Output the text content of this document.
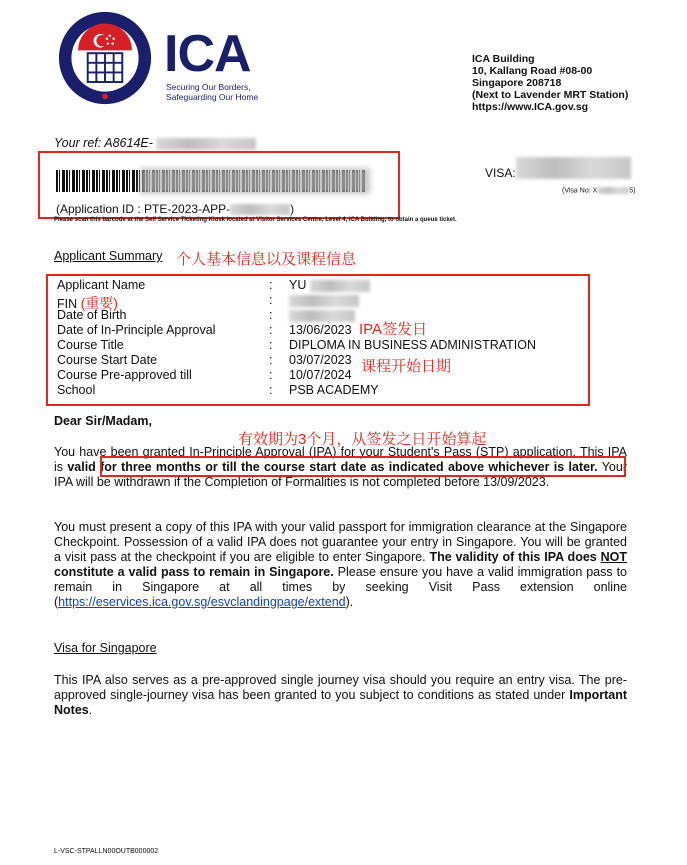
ICA
Securing Our Borders,
Safeguarding Our Home
ICA Building
10, Kallang Road #08-00
Singapore 208718
(Next to Lavender MRT Station)
https://www.ICA.gov.sg
Your ref: A8614E-
(Application ID : PTE-2023-APP-	)
Please scan this barcode at the Self Service Ticketing Kiosk located at Visitor Services Centre, Level 4, ICA Building, to obtain a queue ticket.
VISA:
(Visa No: X	5)
Applicant Summary 个人基本信息以及课程信息
Applicant Name	: YU
FIN (重要)	:
Date of Birth	:
Date of In-Principle Approval	: 13/06/2023 IPA签发日
Course Title	: DIPLOMA IN BUSINESS ADMINISTRATION
Course Start Date	: 03/07/2023 课程开始日期
Course Pre-approved till	: 10/07/2024
School	: PSB ACADEMY
Dear Sir/Madam,
有效期为3个月，从签发之日开始算起
You have been granted In-Principle Approval (IPA) for your Student's Pass (STP) application. This IPA is valid for three months or till the course start date as indicated above whichever is later. Your IPA will be withdrawn if the Completion of Formalities is not completed before 13/09/2023.
You must present a copy of this IPA with your valid passport for immigration clearance at the Singapore Checkpoint. Possession of a valid IPA does not guarantee your entry in Singapore. You will be granted a visit pass at the checkpoint if you are eligible to enter Singapore. The validity of this IPA does NOT constitute a valid pass to remain in Singapore. Please ensure you have a valid immigration pass to remain in Singapore at all times by seeking Visit Pass extension online (https://eservices.ica.gov.sg/esvclandingpage/extend).
Visa for Singapore
This IPA also serves as a pre-approved single journey visa should you require an entry visa. The pre-approved single-journey visa has been granted to you subject to conditions as stated under Important Notes.
L-VSC-STPALLN00OUTB000002
